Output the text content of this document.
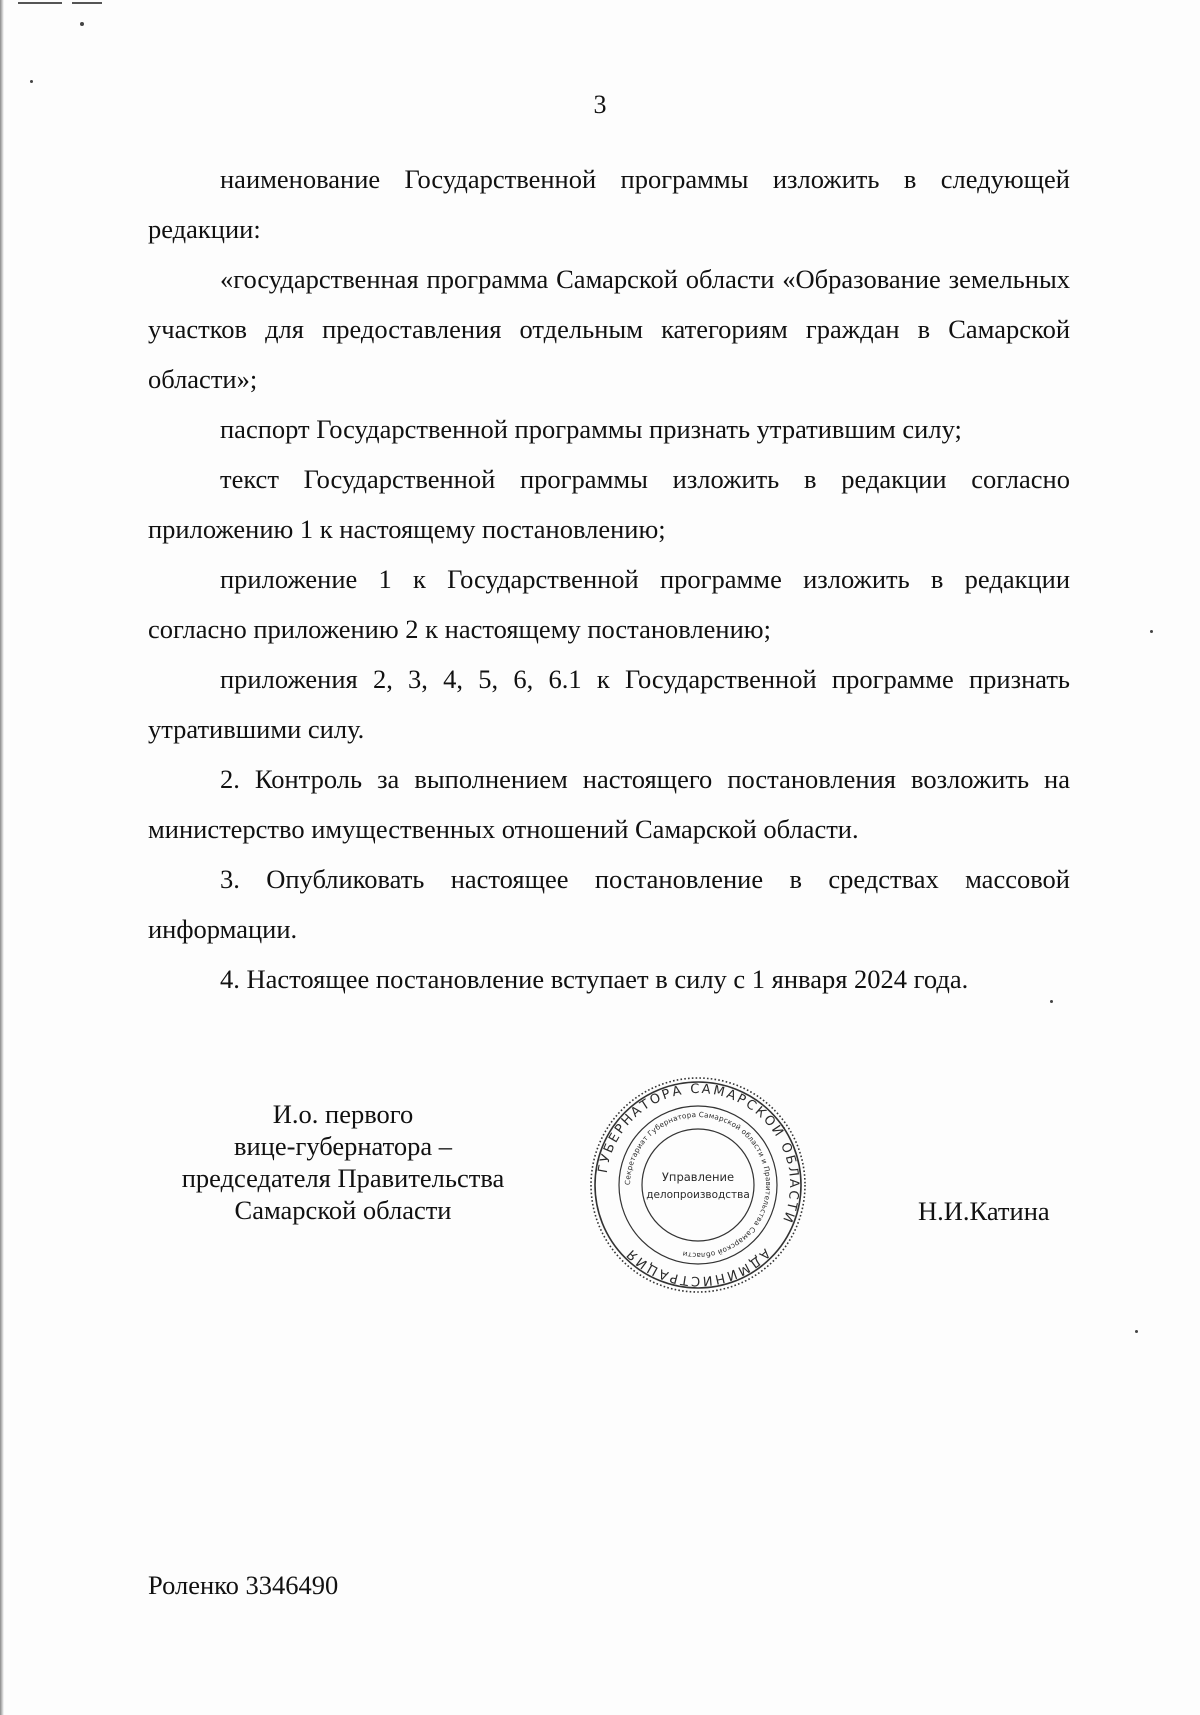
3

наименование Государственной программы изложить в следующей редакции:

«государственная программа Самарской области «Образование земельных участков для предоставления отдельным категориям граждан в Самарской области»;

паспорт Государственной программы признать утратившим силу;

текст Государственной программы изложить в редакции согласно приложению 1 к настоящему постановлению;

приложение 1 к Государственной программе изложить в редакции согласно приложению 2 к настоящему постановлению;

приложения 2, 3, 4, 5, 6, 6.1 к Государственной программе признать утратившими силу.

2. Контроль за выполнением настоящего постановления возложить на министерство имущественных отношений Самарской области.

3. Опубликовать настоящее постановление в средствах массовой информации.

4. Настоящее постановление вступает в силу с 1 января 2024 года.

И.о. первого
вице-губернатора –
председателя Правительства
Самарской области
ГУБЕРНАТОРА САМАРСКОЙ ОБЛАСТИ
АДМИНИСТРАЦИЯ
Секретариат Губернатора Самарской области и Правительства Самарской области
Управление
делопроизводства
Н.И.Катина
Роленко 3346490
